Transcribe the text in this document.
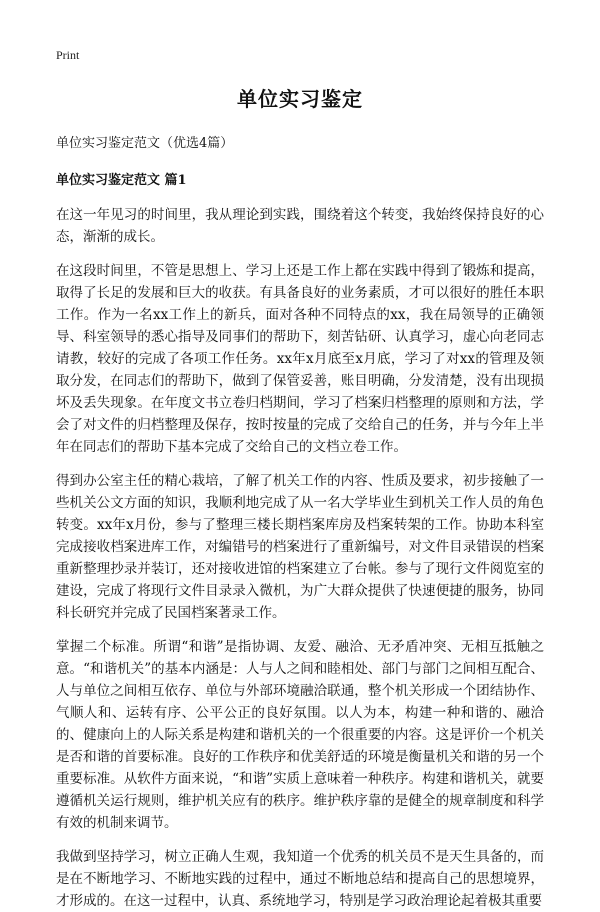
Print
单位实习鉴定
单位实习鉴定范文（优选4篇）
单位实习鉴定范文 篇1

在这一年见习的时间里，我从理论到实践，围绕着这个转变，我始终保持良好的心态，渐渐的成长。

在这段时间里，不管是思想上、学习上还是工作上都在实践中得到了锻炼和提高，取得了长足的发展和巨大的收获。有具备良好的业务素质，才可以很好的胜任本职工作。作为一名xx工作上的新兵，面对各种不同特点的xx，我在局领导的正确领导、科室领导的悉心指导及同事们的帮助下，刻苦钻研、认真学习，虚心向老同志请教，较好的完成了各项工作任务。xx年x月底至x月底，学习了对xx的管理及领取分发，在同志们的帮助下，做到了保管妥善，账目明确，分发清楚，没有出现损坏及丢失现象。在年度文书立卷归档期间，学习了档案归档整理的原则和方法，学会了对文件的归档整理及保存，按时按量的完成了交给自己的任务，并与今年上半年在同志们的帮助下基本完成了交给自己的文档立卷工作。

得到办公室主任的精心栽培，了解了机关工作的内容、性质及要求，初步接触了一些机关公文方面的知识，我顺利地完成了从一名大学毕业生到机关工作人员的角色转变。xx年x月份，参与了整理三楼长期档案库房及档案转架的工作。协助本科室完成接收档案进库工作，对编错号的档案进行了重新编号，对文件目录错误的档案重新整理抄录并装订，还对接收进馆的档案建立了台帐。参与了现行文件阅览室的建设，完成了将现行文件目录录入微机，为广大群众提供了快速便捷的服务，协同科长研究并完成了民国档案著录工作。

掌握二个标准。所谓“和谐”是指协调、友爱、融洽、无矛盾冲突、无相互抵触之意。“和谐机关”的基本内涵是：人与人之间和睦相处、部门与部门之间相互配合、人与单位之间相互依存、单位与外部环境融洽联通，整个机关形成一个团结协作、气顺人和、运转有序、公平公正的良好氛围。以人为本，构建一种和谐的、融洽的、健康向上的人际关系是构建和谐机关的一个很重要的内容。这是评价一个机关是否和谐的首要标准。良好的工作秩序和优美舒适的环境是衡量机关和谐的另一个重要标准。从软件方面来说，“和谐”实质上意味着一种秩序。构建和谐机关，就要遵循机关运行规则，维护机关应有的秩序。维护秩序靠的是健全的规章制度和科学有效的机制来调节。

我做到坚持学习，树立正确人生观，我知道一个优秀的机关员不是天生具备的，而是在不断地学习、不断地实践的过程中，通过不断地总结和提高自己的思想境界，才形成的。在这一过程中，认真、系统地学习，特别是学习政治理论起着极其重要
